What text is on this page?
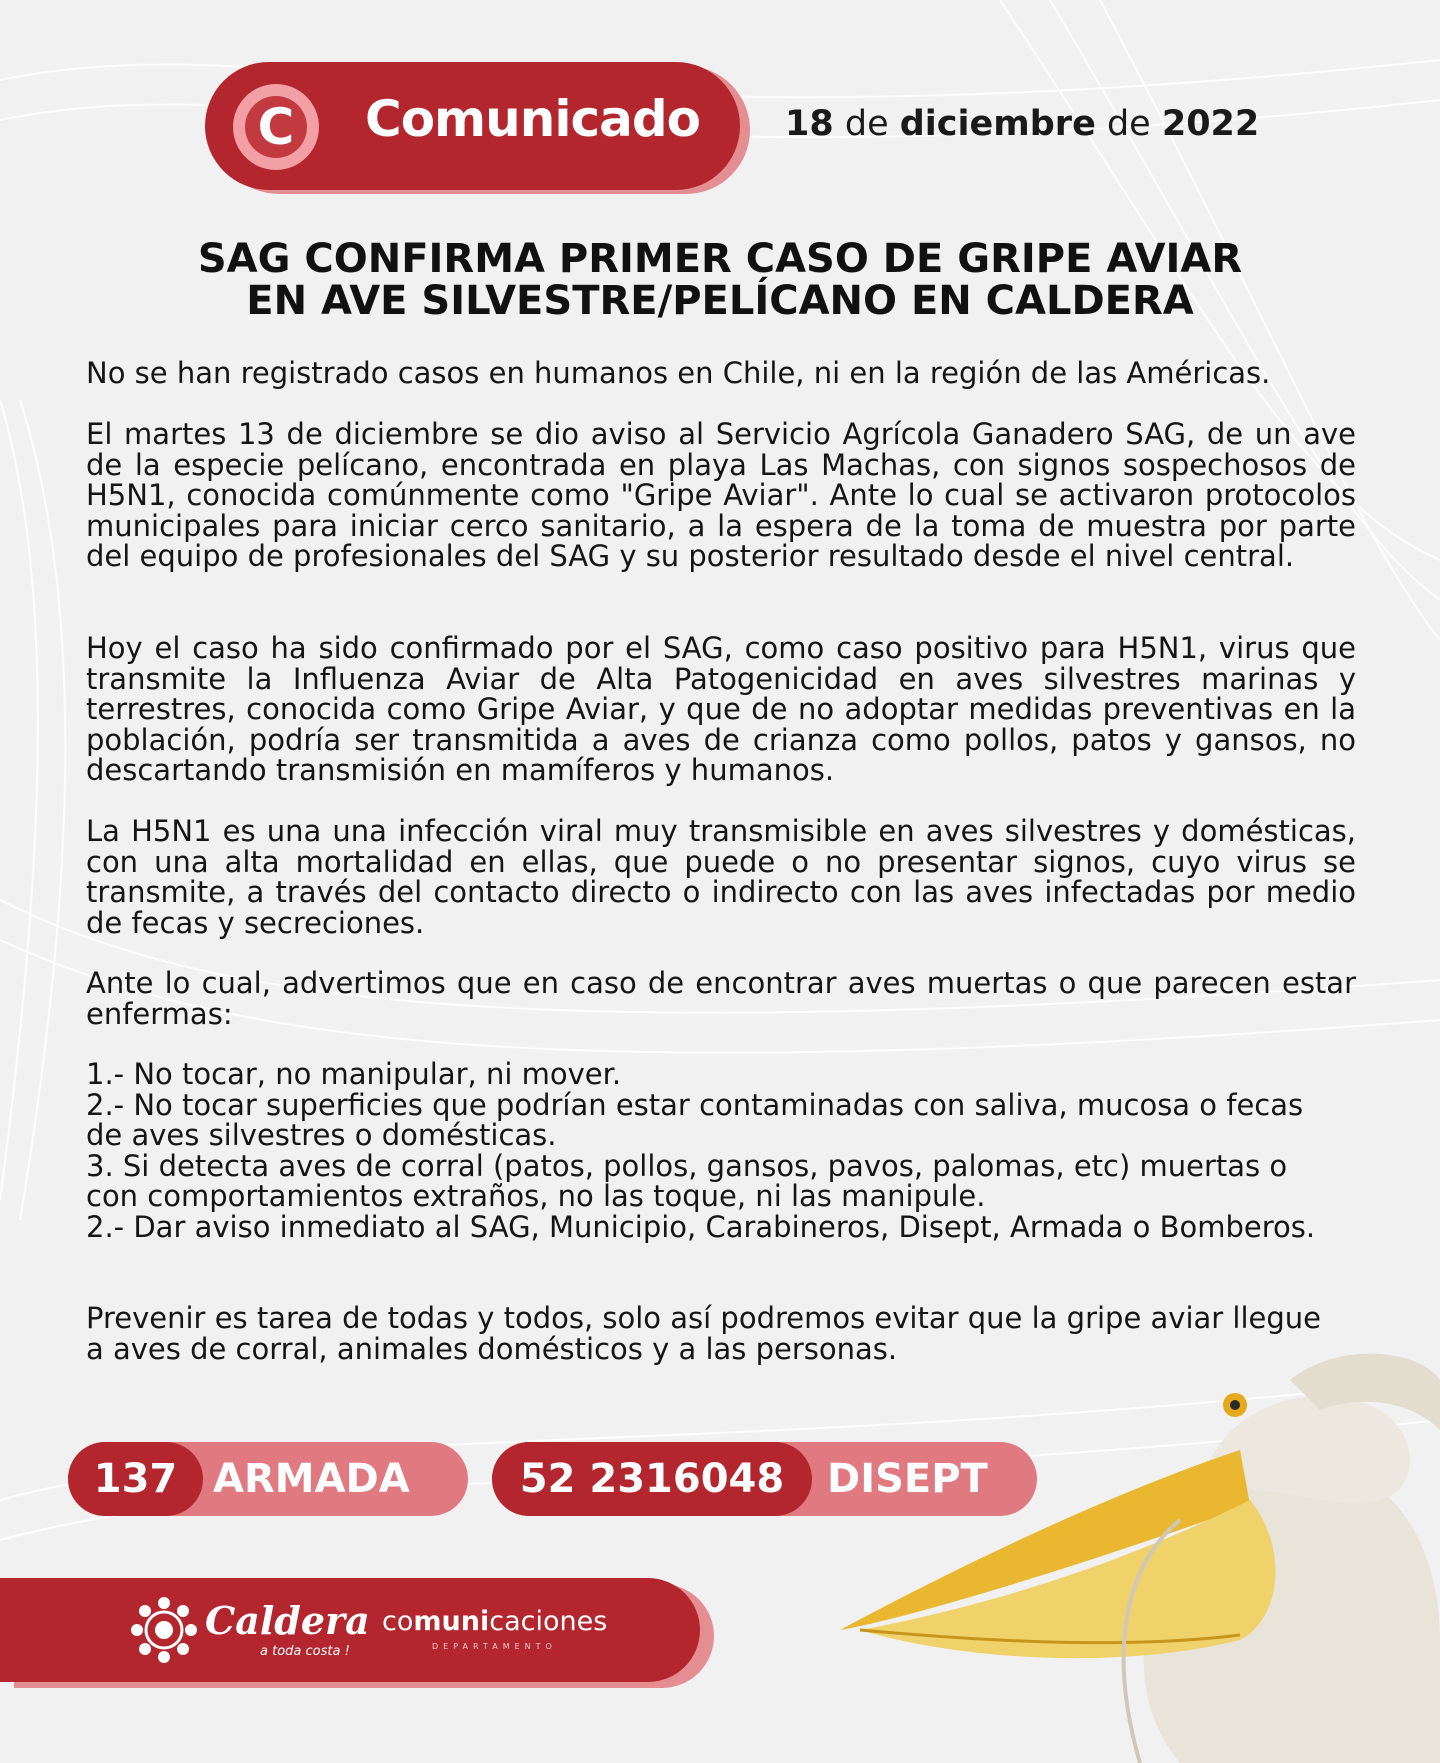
C Comunicado 18 de diciembre de 2022
SAG CONFIRMA PRIMER CASO DE GRIPE AVIAR
EN AVE SILVESTRE/PELÍCANO EN CALDERA
No se han registrado casos en humanos en Chile, ni en la región de las Américas.
El martes 13 de diciembre se dio aviso al Servicio Agrícola Ganadero SAG, de un ave de la especie pelícano, encontrada en playa Las Machas, con signos sospechosos de H5N1, conocida comúnmente como "Gripe Aviar". Ante lo cual se activaron protocolos municipales para iniciar cerco sanitario, a la espera de la toma de muestra por parte del equipo de profesionales del SAG y su posterior resultado desde el nivel central.
Hoy el caso ha sido confirmado por el SAG, como caso positivo para H5N1, virus que transmite la Influenza Aviar de Alta Patogenicidad en aves silvestres marinas y terrestres, conocida como Gripe Aviar, y que de no adoptar medidas preventivas en la población, podría ser transmitida a aves de crianza como pollos, patos y gansos, no descartando transmisión en mamíferos y humanos.
La H5N1 es una una infección viral muy transmisible en aves silvestres y domésticas, con una alta mortalidad en ellas, que puede o no presentar signos, cuyo virus se transmite, a través del contacto directo o indirecto con las aves infectadas por medio de fecas y secreciones.
Ante lo cual, advertimos que en caso de encontrar aves muertas o que parecen estar enfermas:
1.- No tocar, no manipular, ni mover.
2.- No tocar superficies que podrían estar contaminadas con saliva, mucosa o fecas de aves silvestres o domésticas.
3. Si detecta aves de corral (patos, pollos, gansos, pavos, palomas, etc) muertas o con comportamientos extraños, no las toque, ni las manipule.
2.- Dar aviso inmediato al SAG, Municipio, Carabineros, Disept, Armada o Bomberos.
Prevenir es tarea de todas y todos, solo así podremos evitar que la gripe aviar llegue a aves de corral, animales domésticos y a las personas.
137 ARMADA	52 2316048	DISEPT
Caldera
a toda costa !
comunicaciones
DEPARTAMENTO
